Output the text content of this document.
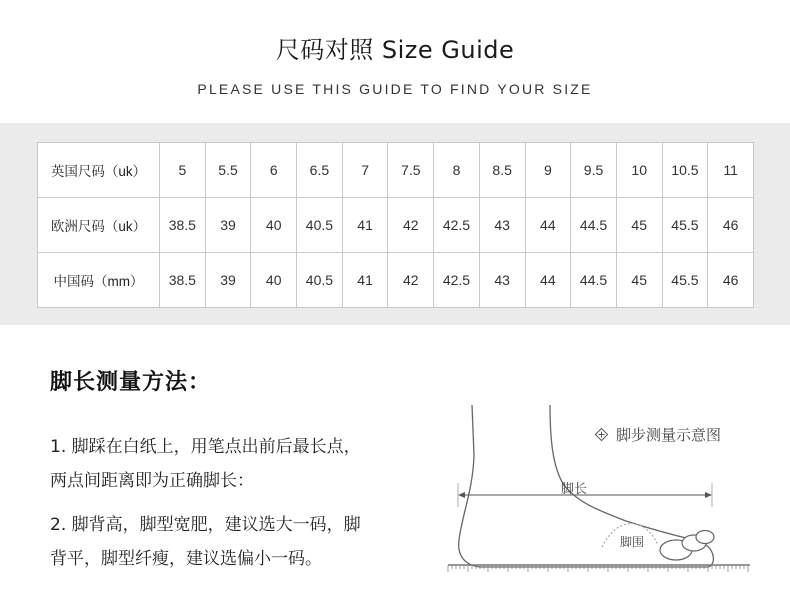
尺码对照 Size Guide
PLEASE USE THIS GUIDE TO FIND YOUR SIZE
英国尺码（uk）	5	5.5	6	6.5	7	7.5	8	8.5	9	9.5	10	10.5	11
欧洲尺码（uk）	38.5	39	40	40.5	41	42	42.5	43	44	44.5	45	45.5	46
中国码（mm）	38.5	39	40	40.5	41	42	42.5	43	44	44.5	45	45.5	46
脚长测量方法：
1. 脚踩在白纸上，用笔点出前后最长点，
两点间距离即为正确脚长：
2. 脚背高，脚型宽肥，建议选大一码，脚
背平，脚型纤瘦，建议选偏小一码。
脚步测量示意图
脚长
脚围
